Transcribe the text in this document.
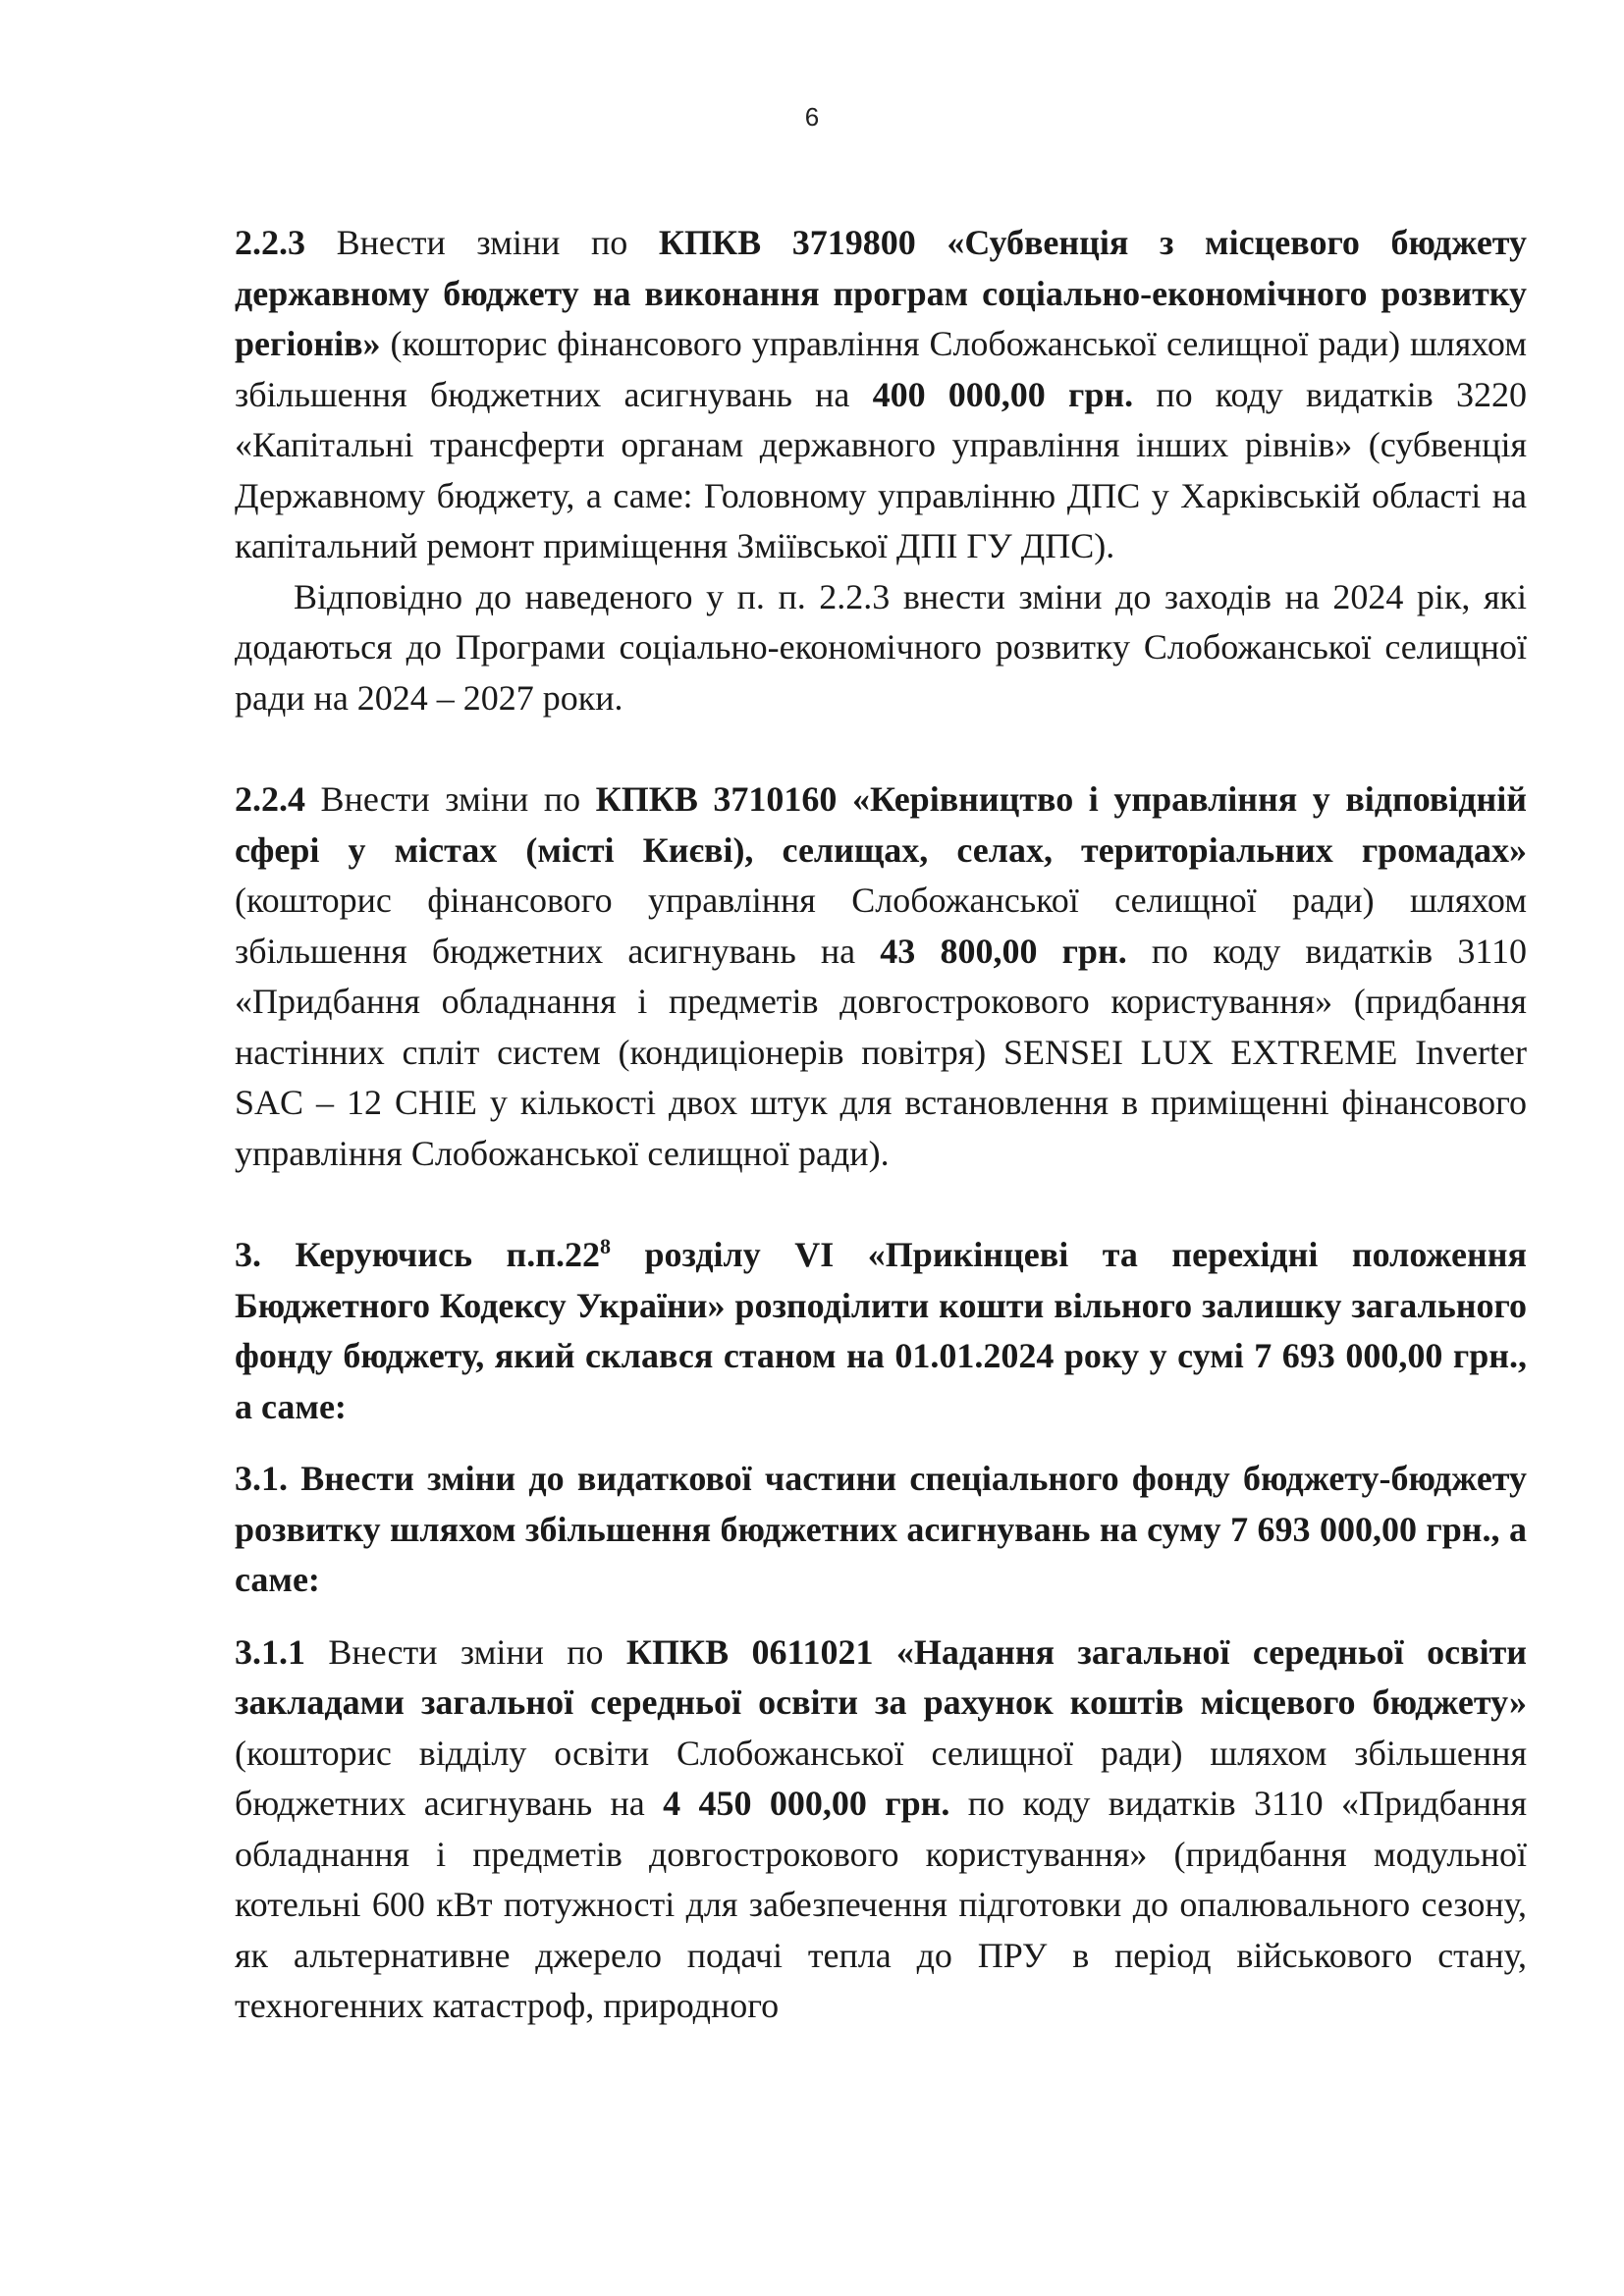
6

2.2.3 Внести зміни по КПКВ 3719800 «Субвенція з місцевого бюджету державному бюджету на виконання програм соціально-економічного розвитку регіонів» (кошторис фінансового управління Слобожанської селищної ради) шляхом збільшення бюджетних асигнувань на 400 000,00 грн. по коду видатків 3220 «Капітальні трансферти органам державного управління інших рівнів» (субвенція Державному бюджету, а саме: Головному управлінню ДПС у Харківській області на капітальний ремонт приміщення Зміївської ДПІ ГУ ДПС).

Відповідно до наведеного у п. п. 2.2.3 внести зміни до заходів на 2024 рік, які додаються до Програми соціально-економічного розвитку Слобожанської селищної ради на 2024 – 2027 роки.

2.2.4 Внести зміни по КПКВ 3710160 «Керівництво і управління у відповідній сфері у містах (місті Києві), селищах, селах, територіальних громадах» (кошторис фінансового управління Слобожанської селищної ради) шляхом збільшення бюджетних асигнувань на 43 800,00 грн. по коду видатків 3110 «Придбання обладнання і предметів довгострокового користування» (придбання настінних спліт систем (кондиціонерів повітря) SENSEI LUX EXTREME Inverter SAC – 12 CHIE у кількості двох штук для встановлення в приміщенні фінансового управління Слобожанської селищної ради).

3. Керуючись $п.п.22^8$ розділу VI «Прикінцеві та перехідні положення Бюджетного Кодексу України» розподілити кошти вільного залишку загального фонду бюджету, який склався станом на 01.01.2024 року у сумі 7 693 000,00 грн., а саме:

3.1. Внести зміни до видаткової частини спеціального фонду бюджету-бюджету розвитку шляхом збільшення бюджетних асигнувань на суму 7 693 000,00 грн., а саме:

3.1.1 Внести зміни по КПКВ 0611021 «Надання загальної середньої освіти закладами загальної середньої освіти за рахунок коштів місцевого бюджету» (кошторис відділу освіти Слобожанської селищної ради) шляхом збільшення бюджетних асигнувань на 4 450 000,00 грн. по коду видатків 3110 «Придбання обладнання і предметів довгострокового користування» (придбання модульної котельні 600 кВт потужності для забезпечення підготовки до опалювального сезону, як альтернативне джерело подачі тепла до ПРУ в період військового стану, техногенних катастроф, природного
